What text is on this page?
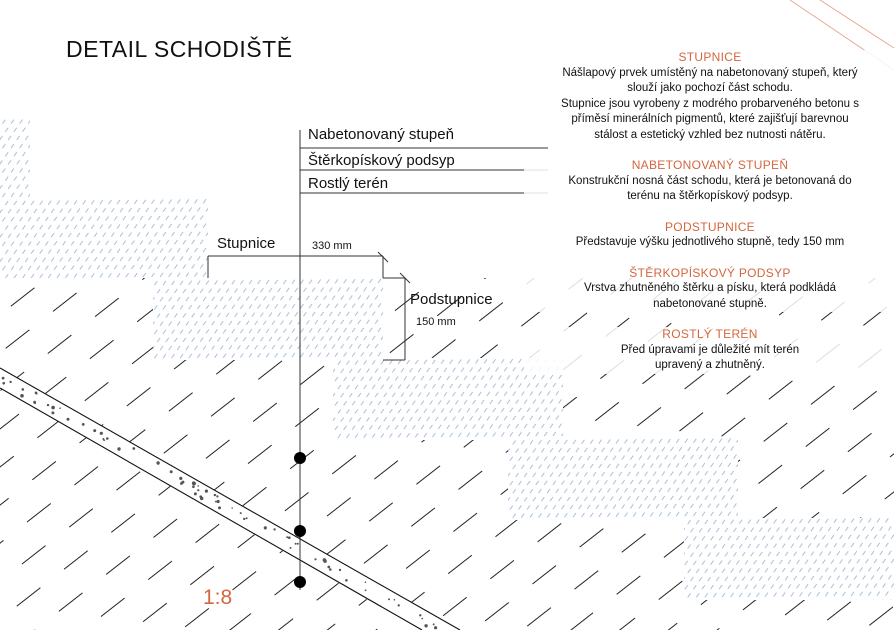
DETAIL SCHODIŠTĚ
1:8
Nabetonovaný stupeň
Štěrkopískový podsyp
Rostlý terén
Stupnice	330 mm
Podstupnice
150 mm
STUPNICE
Nášlapový prvek umístěný na nabetonovaný stupeň, který
slouží jako pochozí část schodu.
Stupnice jsou vyrobeny z modrého probarveného betonu s
příměsí minerálních pigmentů, které zajišťují barevnou
stálost a estetický vzhled bez nutnosti nátěru.
NABETONOVANÝ STUPEŇ
Konstrukční nosná část schodu, která je betonovaná do
terénu na štěrkopískový podsyp.
PODSTUPNICE
Představuje výšku jednotlivého stupně, tedy 150 mm
ŠTĚRKOPÍSKOVÝ PODSYP
Vrstva zhutněného štěrku a písku, která podkládá
nabetonované stupně.
ROSTLÝ TERÉN
Před úpravami je důležité mít terén
upravený a zhutněný.
